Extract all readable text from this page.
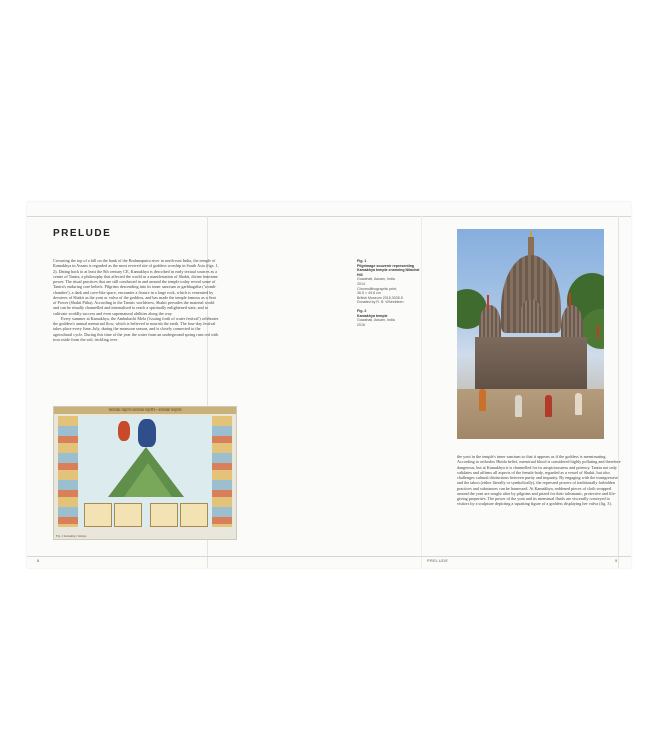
PRELUDE

Crowning the top of a hill on the bank of the Brahmaputra river in north-east India, the temple of Kamakhya in Assam is regarded as the most revered site of goddess worship in South Asia (figs. 1, 2). Dating back to at least the 8th century CE, Kamakhya is described in early textual sources as a centre of Tantra, a philosophy that affected the world as a manifestation of Shakti, divine feminine power. The ritual practices that are still conducted in and around the temple today reveal some of Tantra's enduring core beliefs. Pilgrims descending into its inner sanctum or garbhagriha ('womb-chamber'), a dark and cave-like space, encounter a fissure in a large rock, which is venerated by devotees of Shakti as the yoni or vulva of the goddess, and has made the temple famous as a Seat of Power (Shakti Pitha). According to the Tantric worldview, Shakti pervades the material world and can be ritually channelled and internalised to reach a spiritually enlightened state, and to cultivate worldly success and even supernatural abilities along the way.

Every summer at Kamakhya, the Ambubachi Mela ('issuing forth of water festival') celebrates the goddess's annual menstrual flow, which is believed to nourish the earth. The four-day festival takes place every June–July, during the monsoon season, and is closely connected to the agricultural cycle. During this time of the year the water from an underground spring runs red with iron oxide from the soil, trickling over

कामाख्या माहात्म्य कामाख्या महापीठ • कामाख्या माहात्म्य
Fig. 2 Kamakhya Temple
8
Fig. 1
Pilgrimage souvenir representing Kamakhya temple crowning Nilachal Hill
Guwahati, Assam, India
2014
Chromolithographic print,
36.5 × 49.8 cm
British Museum 2015,3035.5
Donated by R. B. Wheeldeen
Fig. 2
Kamakhya temple
Guwahati, Assam, India
2016
the yoni in the temple's inner sanctum so that it appears as if the goddess is menstruating. According to orthodox Hindu belief, menstrual blood is considered highly polluting and therefore dangerous, but at Kamakhya it is channelled for its auspiciousness and potency. Tantra not only validates and affirms all aspects of the female body, regarded as a vessel of Shakti, but also challenges cultural distinctions between purity and impurity. By engaging with the transgressive and the taboo (either literally or symbolically), the repressed powers of traditionally forbidden practices and substances can be harnessed. At Kamakhya, reddened pieces of cloth wrapped around the yoni are sought after by pilgrims and prized for their talismanic, protective and life-giving properties. The power of the yoni and its menstrual fluids are viscerally conveyed to visitors by a sculpture depicting a squatting figure of a goddess displaying her vulva (fig. 3).
PRELUDE	9
